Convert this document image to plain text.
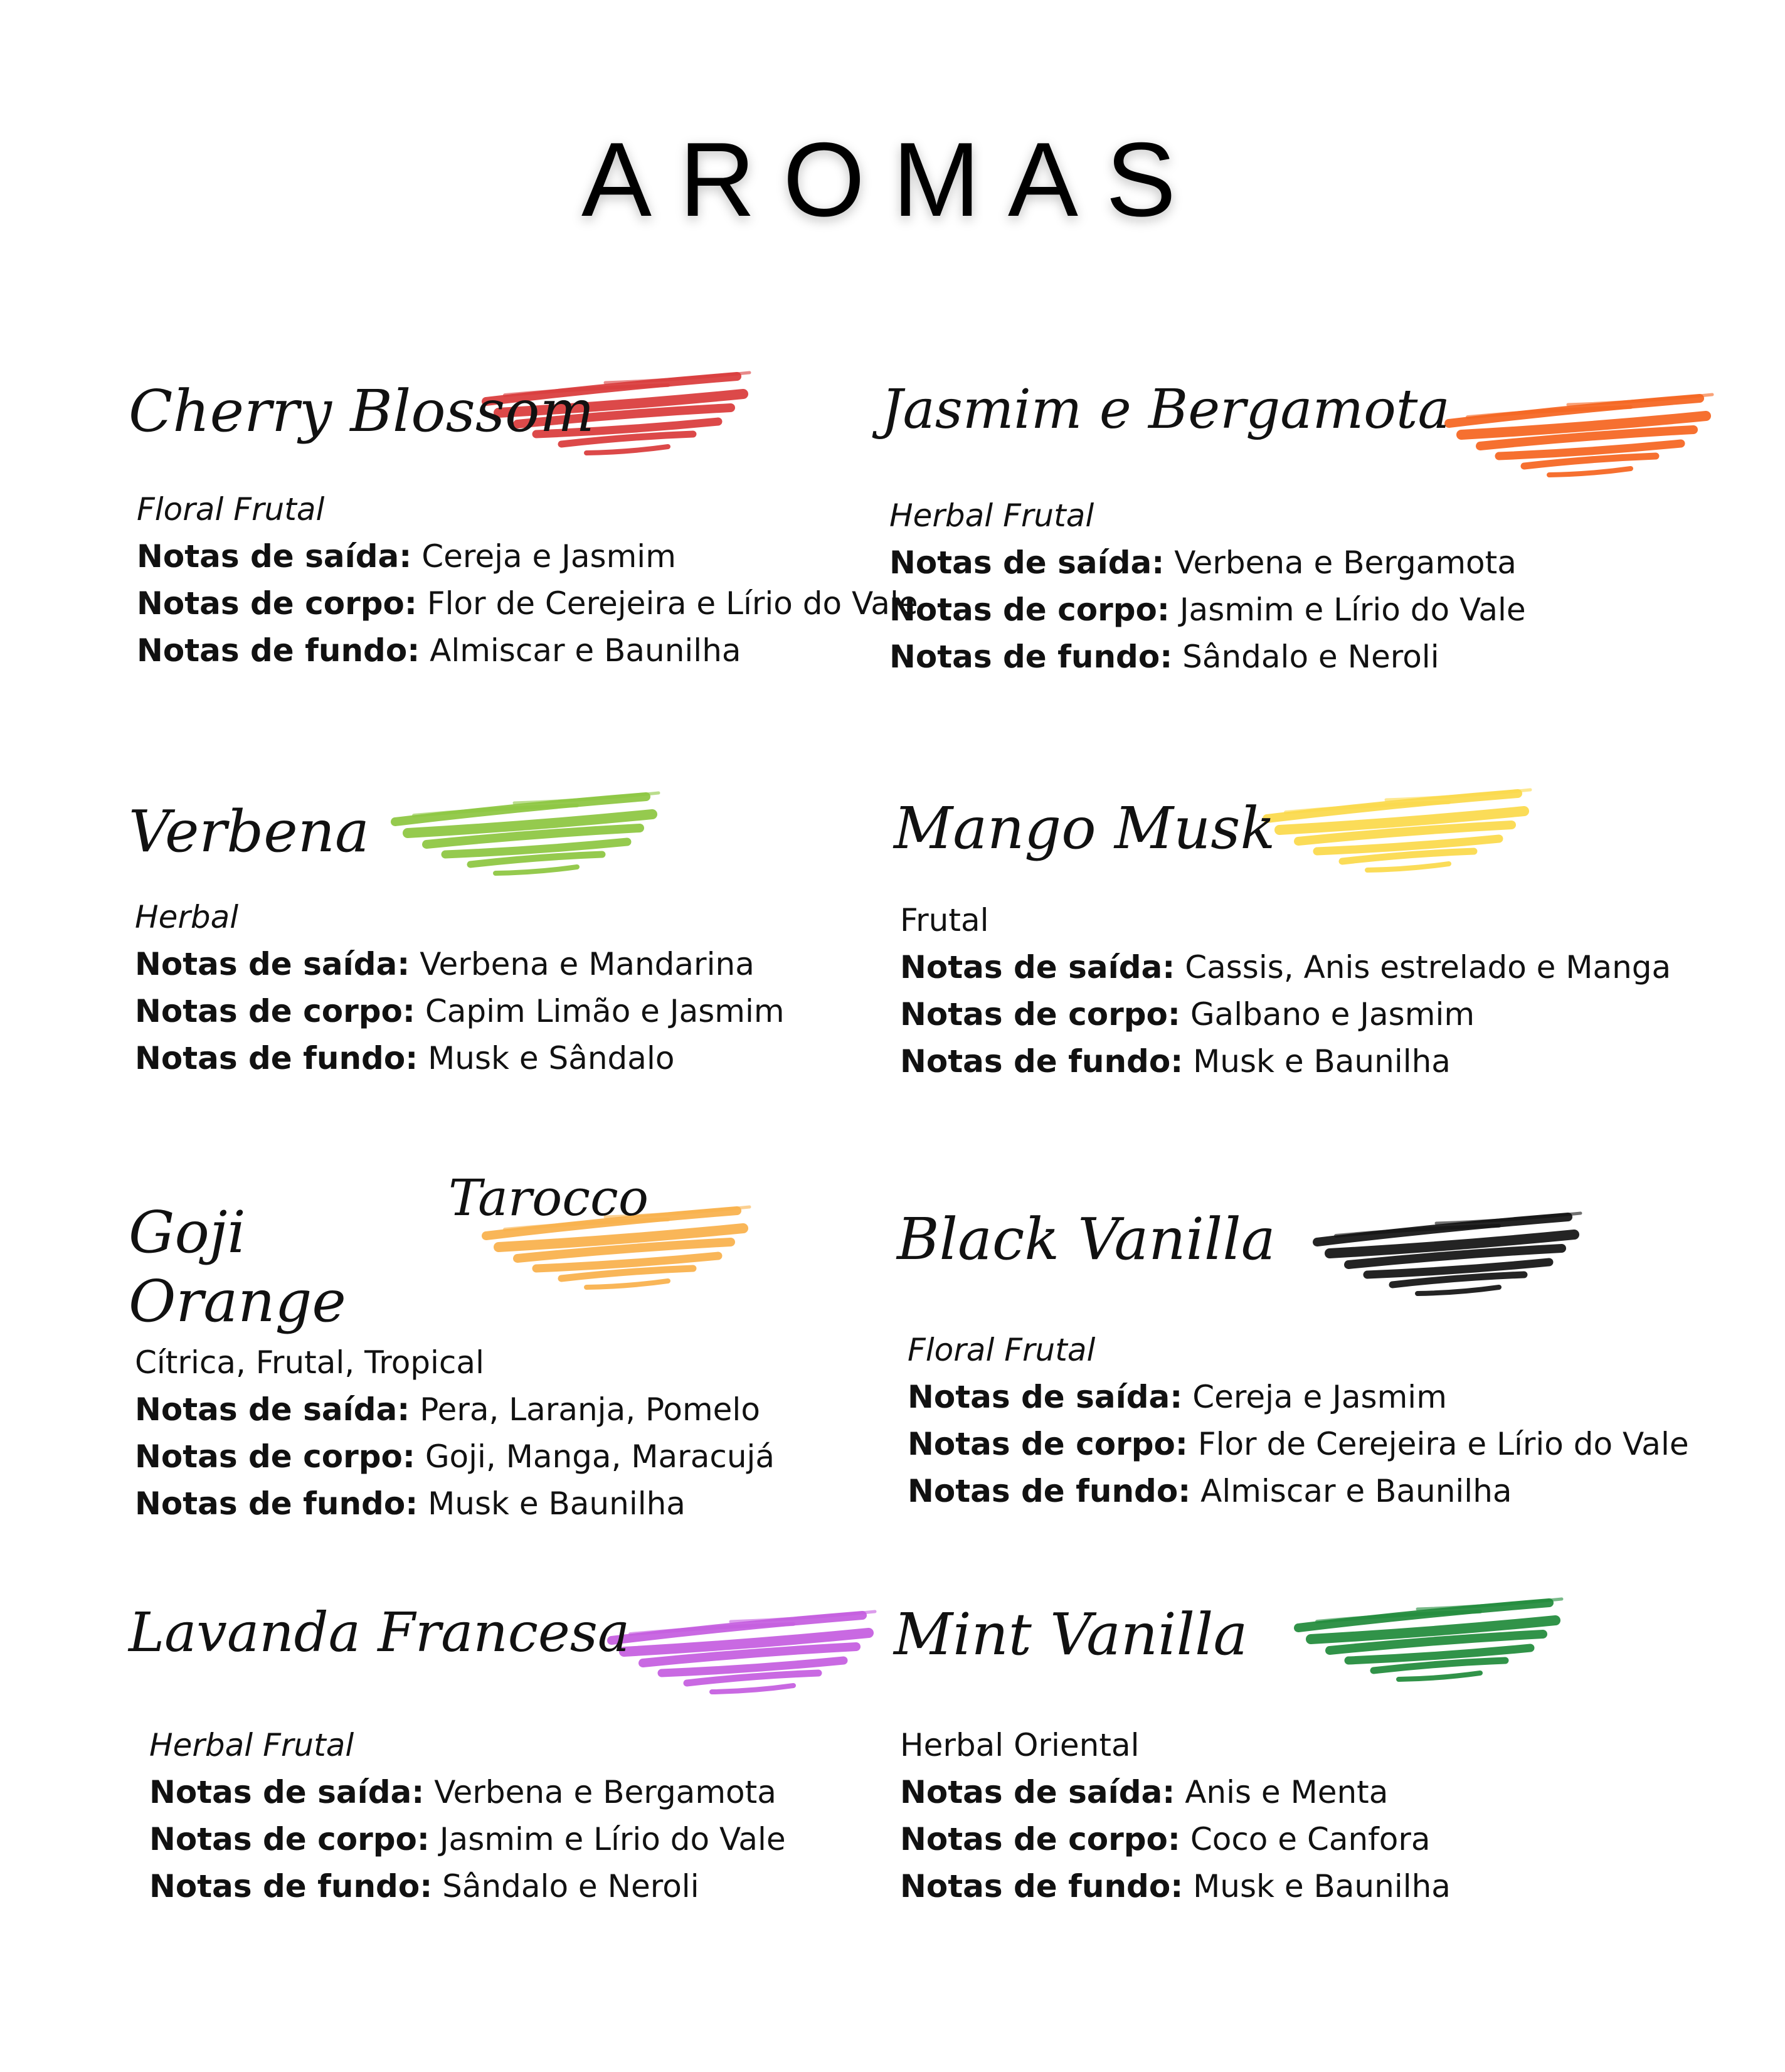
AROMAS
Cherry Blossom
Floral Frutal
Notas de saída: Cereja e Jasmim
Notas de corpo: Flor de Cerejeira e Lírio do Vale
Notas de fundo: Almiscar e Baunilha
Jasmim e Bergamota
Herbal Frutal
Notas de saída: Verbena e Bergamota
Notas de corpo: Jasmim e Lírio do Vale
Notas de fundo: Sândalo e Neroli
Verbena
Herbal
Notas de saída: Verbena e Mandarina
Notas de corpo: Capim Limão e Jasmim
Notas de fundo: Musk e Sândalo
Mango Musk
Frutal
Notas de saída: Cassis, Anis estrelado e Manga
Notas de corpo: Galbano e Jasmim
Notas de fundo: Musk e Baunilha
Goji Orange
Tarocco
Cítrica, Frutal, Tropical
Notas de saída: Pera, Laranja, Pomelo
Notas de corpo: Goji, Manga, Maracujá
Notas de fundo: Musk e Baunilha
Black Vanilla
Floral Frutal
Notas de saída: Cereja e Jasmim
Notas de corpo: Flor de Cerejeira e Lírio do Vale
Notas de fundo: Almiscar e Baunilha
Lavanda Francesa
Herbal Frutal
Notas de saída: Verbena e Bergamota
Notas de corpo: Jasmim e Lírio do Vale
Notas de fundo: Sândalo e Neroli
Mint Vanilla
Herbal Oriental
Notas de saída: Anis e Menta
Notas de corpo: Coco e Canfora
Notas de fundo: Musk e Baunilha
